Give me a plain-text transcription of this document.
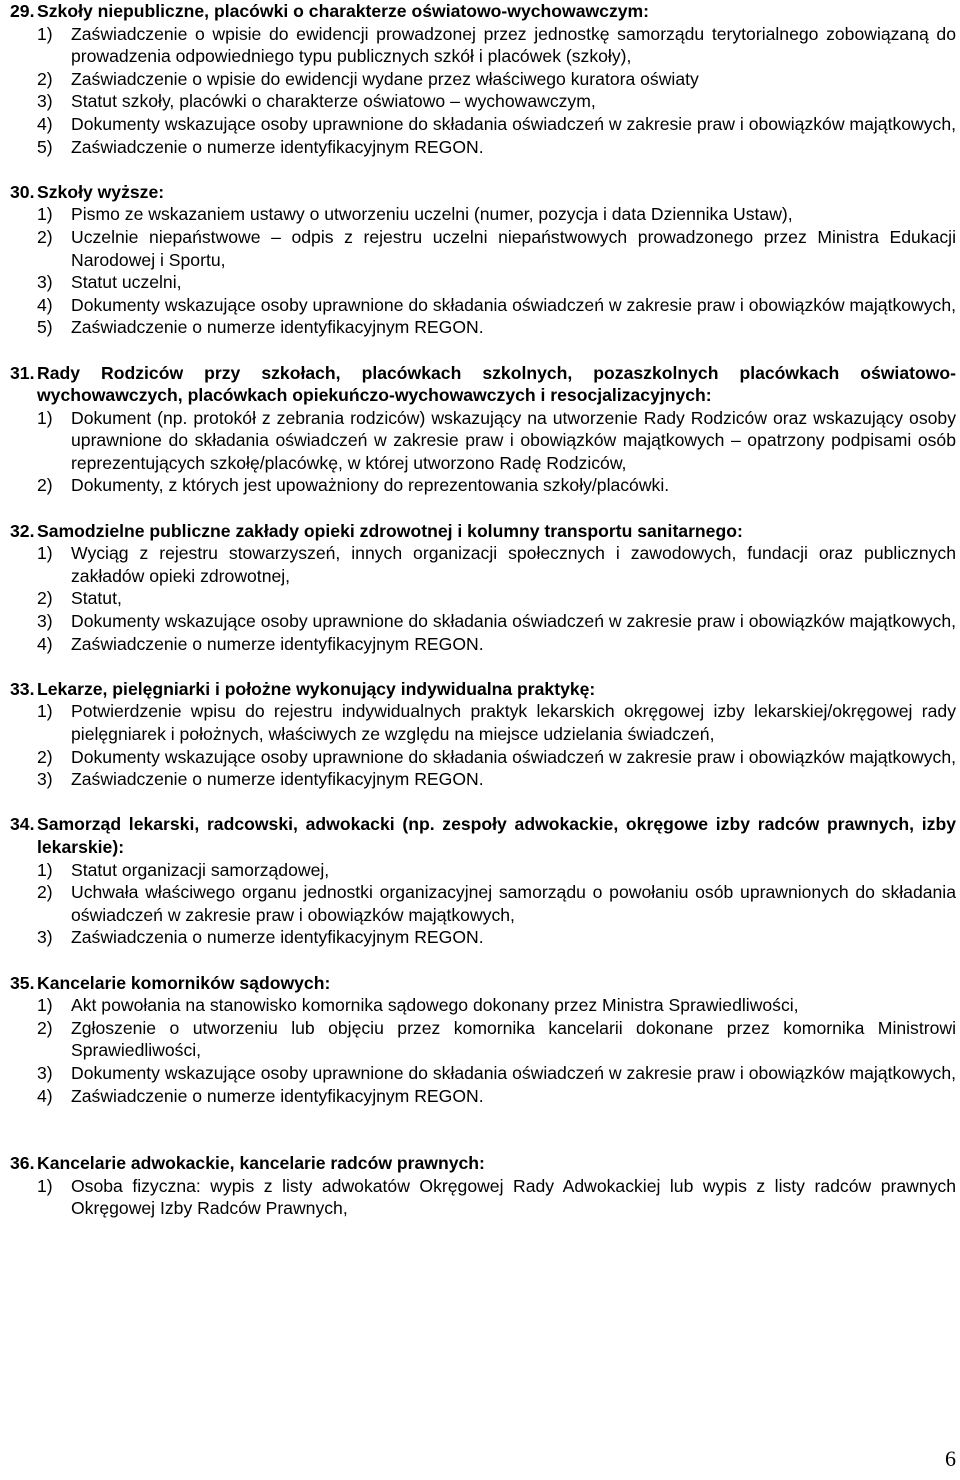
29. Szkoły niepubliczne, placówki o charakterze oświatowo-wychowawczym:
1)	Zaświadczenie o wpisie do ewidencji prowadzonej przez jednostkę samorządu terytorialnego zobowiązaną do prowadzenia odpowiedniego typu publicznych szkół i placówek (szkoły),
2)	Zaświadczenie o wpisie do ewidencji wydane przez właściwego kuratora oświaty
3)	Statut szkoły, placówki o charakterze oświatowo – wychowawczym,
4)	Dokumenty wskazujące osoby uprawnione do składania oświadczeń w zakresie praw i obowiązków majątkowych,
5)	Zaświadczenie o numerze identyfikacyjnym REGON.
30. Szkoły wyższe:
1)	Pismo ze wskazaniem ustawy o utworzeniu uczelni (numer, pozycja i data Dziennika Ustaw),
2)	Uczelnie niepaństwowe – odpis z rejestru uczelni niepaństwowych prowadzonego przez Ministra Edukacji Narodowej i Sportu,
3)	Statut uczelni,
4)	Dokumenty wskazujące osoby uprawnione do składania oświadczeń w zakresie praw i obowiązków majątkowych,
5)	Zaświadczenie o numerze identyfikacyjnym REGON.
31. Rady Rodziców przy szkołach, placówkach szkolnych, pozaszkolnych placówkach oświatowo-wychowawczych, placówkach opiekuńczo-wychowawczych i resocjalizacyjnych:
1)	Dokument (np. protokół z zebrania rodziców) wskazujący na utworzenie Rady Rodziców oraz wskazujący osoby uprawnione do składania oświadczeń w zakresie praw i obowiązków majątkowych – opatrzony podpisami osób reprezentujących szkołę/placówkę, w której utworzono Radę Rodziców,
2)	Dokumenty, z których jest upoważniony do reprezentowania szkoły/placówki.
32. Samodzielne publiczne zakłady opieki zdrowotnej i kolumny transportu sanitarnego:
1)	Wyciąg z rejestru stowarzyszeń, innych organizacji społecznych i zawodowych, fundacji oraz publicznych zakładów opieki zdrowotnej,
2)	Statut,
3)	Dokumenty wskazujące osoby uprawnione do składania oświadczeń w zakresie praw i obowiązków majątkowych,
4)	Zaświadczenie o numerze identyfikacyjnym REGON.
33. Lekarze, pielęgniarki i położne wykonujący indywidualna praktykę:
1)	Potwierdzenie wpisu do rejestru indywidualnych praktyk lekarskich okręgowej izby lekarskiej/okręgowej rady pielęgniarek i położnych, właściwych ze względu na miejsce udzielania świadczeń,
2)	Dokumenty wskazujące osoby uprawnione do składania oświadczeń w zakresie praw i obowiązków majątkowych,
3)	Zaświadczenie o numerze identyfikacyjnym REGON.
34. Samorząd lekarski, radcowski, adwokacki (np. zespoły adwokackie, okręgowe izby radców prawnych, izby lekarskie):
1)	Statut organizacji samorządowej,
2)	Uchwała właściwego organu jednostki organizacyjnej samorządu o powołaniu osób uprawnionych do składania oświadczeń w zakresie praw i obowiązków majątkowych,
3)	Zaświadczenia o numerze identyfikacyjnym REGON.
35. Kancelarie komorników sądowych:
1)	Akt powołania na stanowisko komornika sądowego dokonany przez Ministra Sprawiedliwości,
2)	Zgłoszenie o utworzeniu lub objęciu przez komornika kancelarii dokonane przez komornika Ministrowi Sprawiedliwości,
3)	Dokumenty wskazujące osoby uprawnione do składania oświadczeń w zakresie praw i obowiązków majątkowych,
4)	Zaświadczenie o numerze identyfikacyjnym REGON.
36. Kancelarie adwokackie, kancelarie radców prawnych:
1)	Osoba fizyczna: wypis z listy adwokatów Okręgowej Rady Adwokackiej lub wypis z listy radców prawnych Okręgowej Izby Radców Prawnych,
6
